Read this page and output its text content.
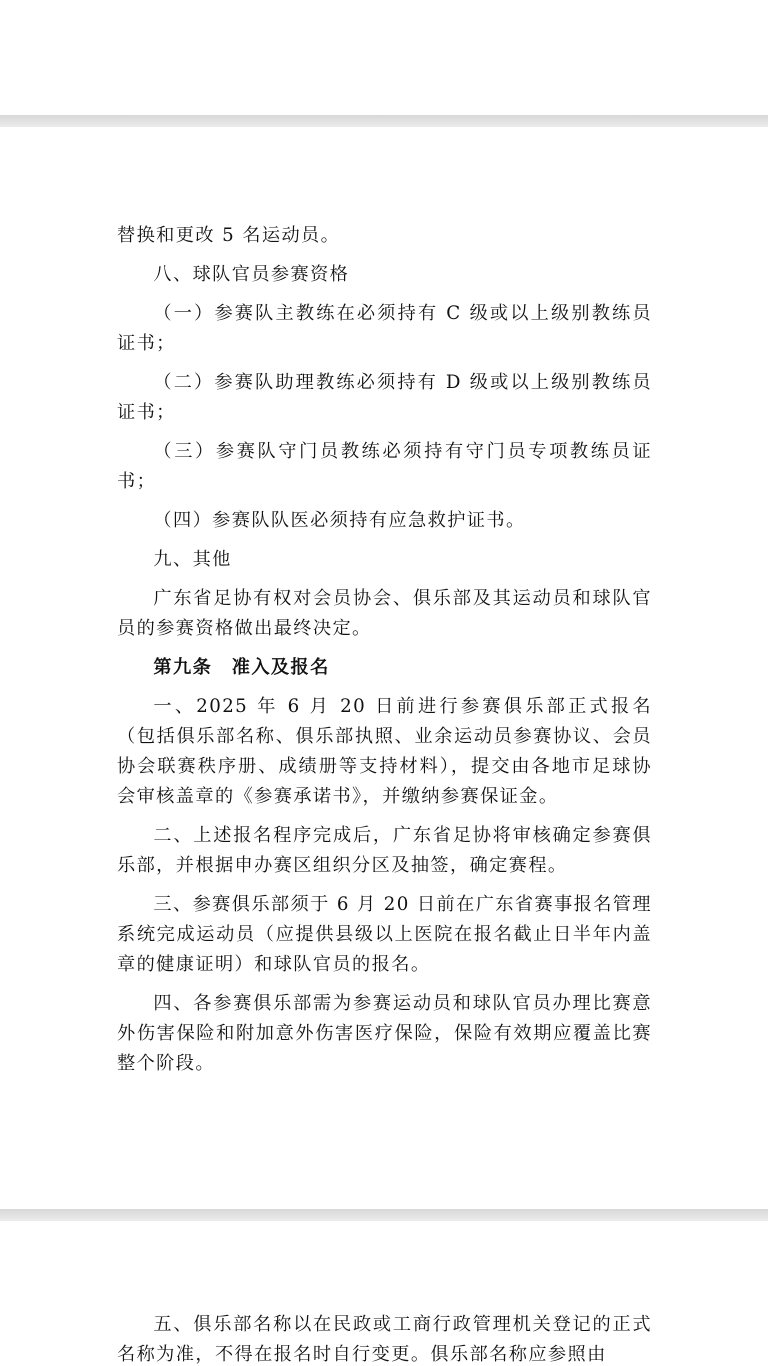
替换和更改 5 名运动员。

八、球队官员参赛资格

（一）参赛队主教练在必须持有 C 级或以上级别教练员证书；

（二）参赛队助理教练必须持有 D 级或以上级别教练员证书；

（三）参赛队守门员教练必须持有守门员专项教练员证书；

（四）参赛队队医必须持有应急救护证书。

九、其他

广东省足协有权对会员协会、俱乐部及其运动员和球队官员的参赛资格做出最终决定。

第九条　准入及报名

一、2025 年 6 月 20 日前进行参赛俱乐部正式报名（包括俱乐部名称、俱乐部执照、业余运动员参赛协议、会员协会联赛秩序册、成绩册等支持材料），提交由各地市足球协会审核盖章的《参赛承诺书》，并缴纳参赛保证金。

二、上述报名程序完成后，广东省足协将审核确定参赛俱乐部，并根据申办赛区组织分区及抽签，确定赛程。

三、参赛俱乐部须于 6 月 20 日前在广东省赛事报名管理系统完成运动员（应提供县级以上医院在报名截止日半年内盖章的健康证明）和球队官员的报名。

四、各参赛俱乐部需为参赛运动员和球队官员办理比赛意外伤害保险和附加意外伤害医疗保险，保险有效期应覆盖比赛整个阶段。

五、俱乐部名称以在民政或工商行政管理机关登记的正式名称为准，不得在报名时自行变更。俱乐部名称应参照由
